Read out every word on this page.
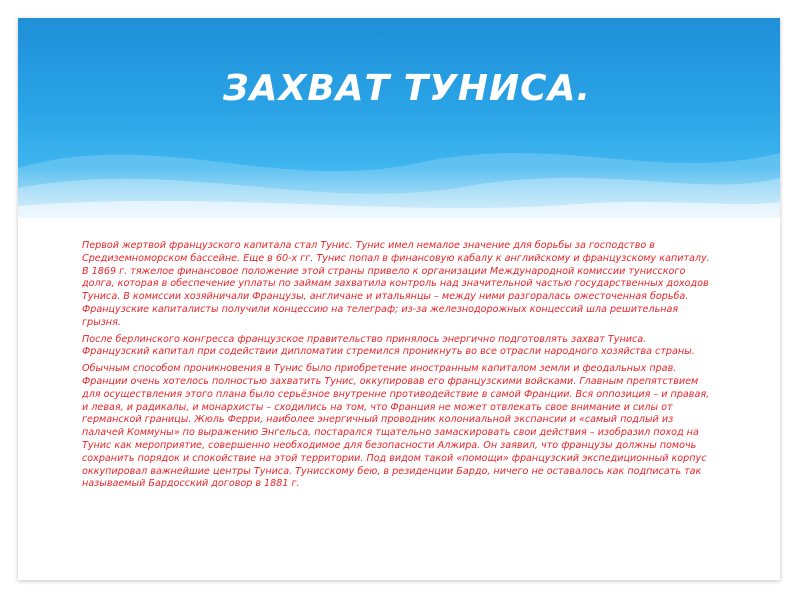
ЗАХВАТ ТУНИСА.

Первой жертвой французского капитала стал Тунис. Тунис имел немалое значение для борьбы за господство в Средиземноморском бассейне. Еще в 60-х гг. Тунис попал в финансовую кабалу к английскому и французскому капиталу. В 1869 г. тяжелое финансовое положение этой страны привело к организации Международной комиссии тунисского долга, которая в обеспечение уплаты по займам захватила контроль над значительной частью государственных доходов Туниса. В комиссии хозяйничали Французы, англичане и итальянцы – между ними разгоралась ожесточенная борьба. Французские капиталисты получили концессию на телеграф; из-за железнодорожных концессий шла решительная грызня.

После берлинского конгресса французское правительство принялось энергично подготовлять захват Туниса. Французский капитал при содействии дипломатии стремился проникнуть во все отрасли народного хозяйства страны.

Обычным способом проникновения в Тунис было приобретение иностранным капиталом земли и феодальных прав. Франции очень хотелось полностью захватить Тунис, оккупировав его французскими войсками. Главным препятствием для осуществления этого плана было серьёзное внутренне противодействие в самой Франции. Вся оппозиция – и правая, и левая, и радикалы, и монархисты – сходились на том, что Франция не может отвлекать свое внимание и силы от германской границы. Жюль Ферри, наиболее энергичный проводник колониальной экспансии и «самый подлый из палачей Коммуны» по выражению Энгельса, постарался тщательно замаскировать свои действия – изобразил поход на Тунис как мероприятие, совершенно необходимое для безопасности Алжира. Он заявил, что французы должны помочь сохранить порядок и спокойствие на этой территории. Под видом такой «помощи» французский экспедиционный корпус оккупировал важнейшие центры Туниса. Тунисскому бею, в резиденции Бардо, ничего не оставалось как подписать так называемый Бардосский договор в 1881 г.
